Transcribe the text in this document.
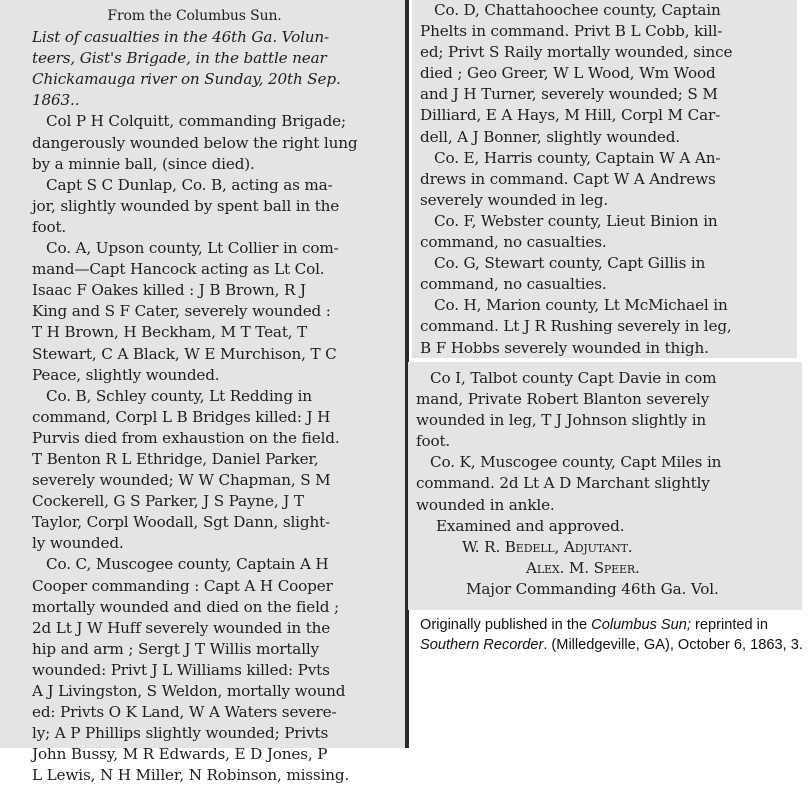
From the Columbus Sun.
List of casualties in the 46th Ga. Volun-
teers, Gist's Brigade, in the battle near
Chickamauga river on Sunday, 20th Sep.
1863..
Col P H Colquitt, commanding Brigade;
dangerously wounded below the right lung
by a minnie ball, (since died).
Capt S C Dunlap, Co. B, acting as ma-
jor, slightly wounded by spent ball in the
foot.
Co. A, Upson county, Lt Collier in com-
mand—Capt Hancock acting as Lt Col.
Isaac F Oakes killed : J B Brown, R J
King and S F Cater, severely wounded :
T H Brown, H Beckham, M T Teat, T
Stewart, C A Black, W E Murchison, T C
Peace, slightly wounded.
Co. B, Schley county, Lt Redding in
command, Corpl L B Bridges killed: J H
Purvis died from exhaustion on the field.
T Benton R L Ethridge, Daniel Parker,
severely wounded; W W Chapman, S M
Cockerell, G S Parker, J S Payne, J T
Taylor, Corpl Woodall, Sgt Dann, slight-
ly wounded.
Co. C, Muscogee county, Captain A H
Cooper commanding : Capt A H Cooper
mortally wounded and died on the field ;
2d Lt J W Huff severely wounded in the
hip and arm ; Sergt J T Willis mortally
wounded: Privt J L Williams killed: Pvts
A J Livingston, S Weldon, mortally wound
ed: Privts O K Land, W A Waters severe-
ly; A P Phillips slightly wounded; Privts
John Bussy, M R Edwards, E D Jones, P
L Lewis, N H Miller, N Robinson, missing.
Co. D, Chattahoochee county, Captain
Phelts in command. Privt B L Cobb, kill-
ed; Privt S Raily mortally wounded, since
died ; Geo Greer, W L Wood, Wm Wood
and J H Turner, severely wounded; S M
Dilliard, E A Hays, M Hill, Corpl M Car-
dell, A J Bonner, slightly wounded.
Co. E, Harris county, Captain W A An-
drews in command. Capt W A Andrews
severely wounded in leg.
Co. F, Webster county, Lieut Binion in
command, no casualties.
Co. G, Stewart county, Capt Gillis in
command, no casualties.
Co. H, Marion county, Lt McMichael in
command. Lt J R Rushing severely in leg,
B F Hobbs severely wounded in thigh.
Co I, Talbot county Capt Davie in com
mand, Private Robert Blanton severely
wounded in leg, T J Johnson slightly in
foot.
Co. K, Muscogee county, Capt Miles in
command. 2d Lt A D Marchant slightly
wounded in ankle.
Examined and approved.
W. R. Bedell, Adjutant.
Alex. M. Speer.
Major Commanding 46th Ga. Vol.
Originally published in the Columbus Sun; reprinted in Southern Recorder. (Milledgeville, GA), October 6, 1863, 3.
